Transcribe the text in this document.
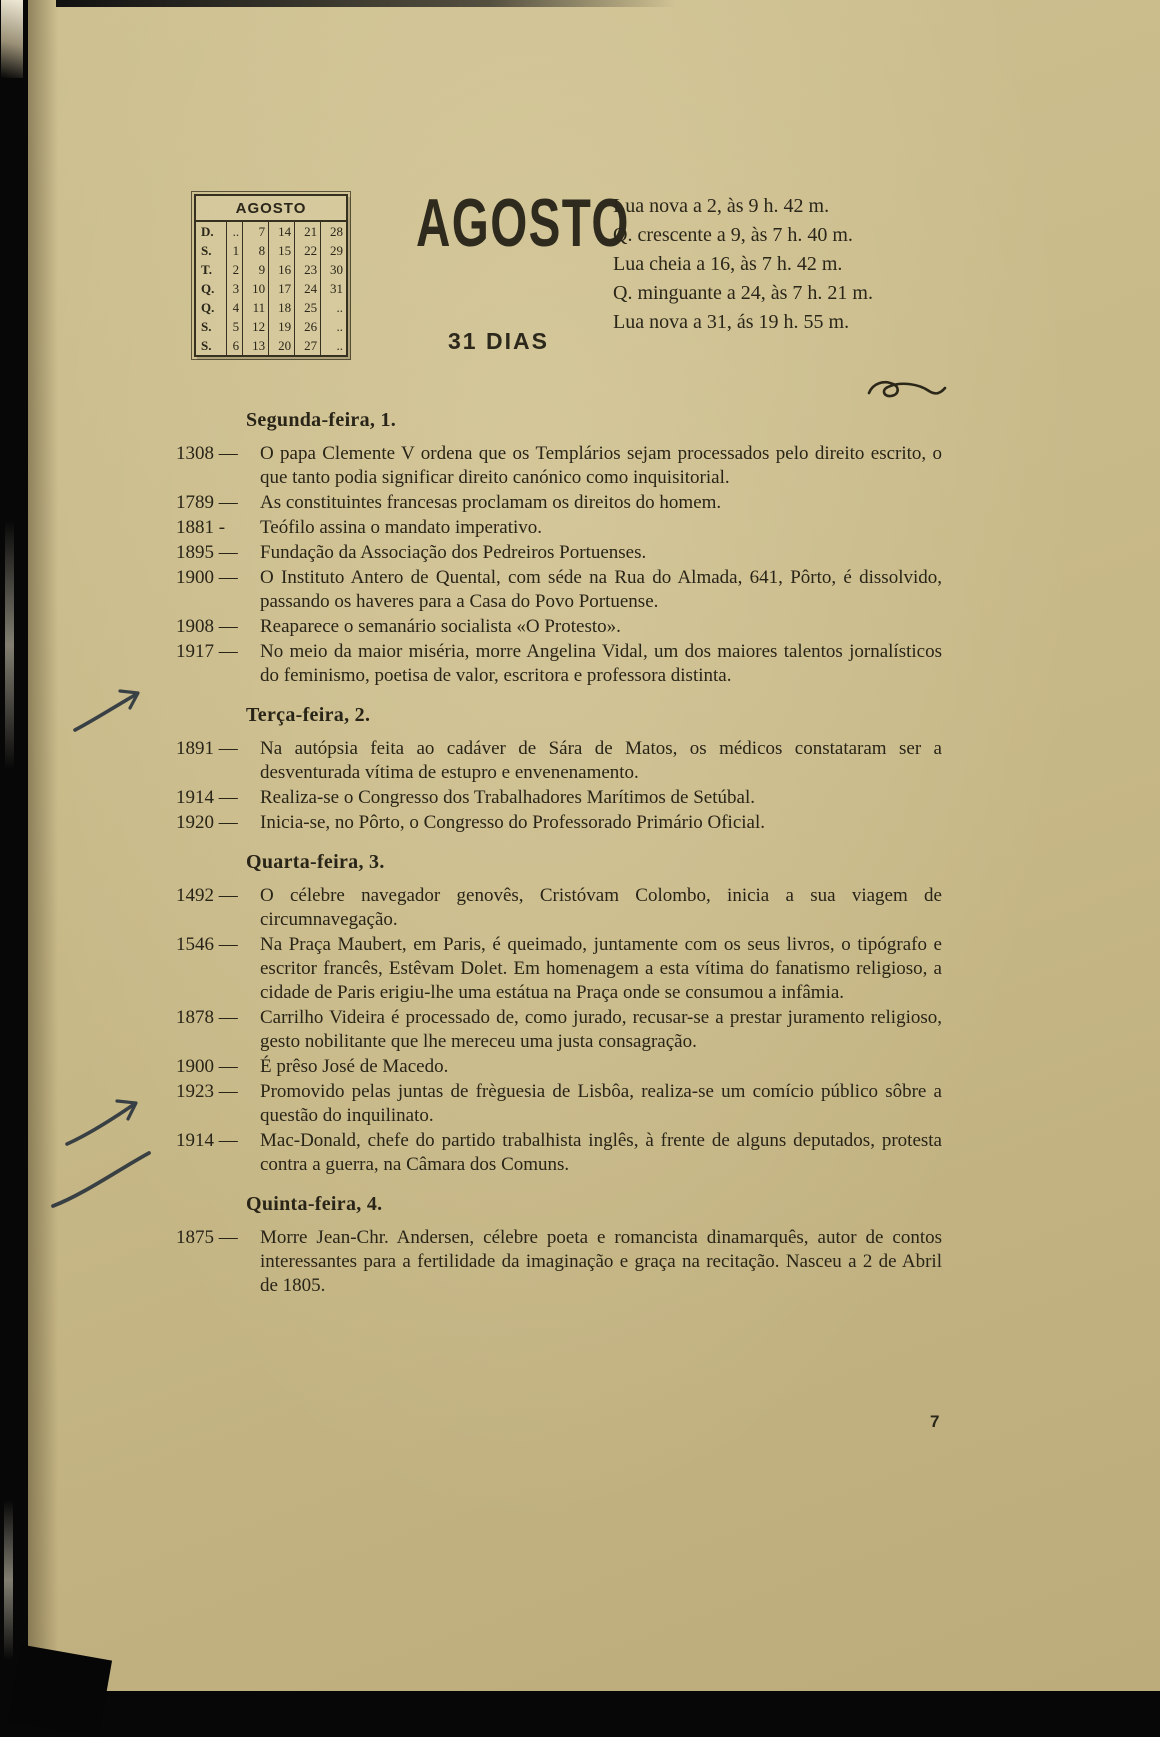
AGOSTO
D.	..	7	14	21	28
S.	1	8	15	22	29
T.	2	9	16	23	30
Q.	3	10	17	24	31
Q.	4	11	18	25	..
S.	5	12	19	26	..
S.	6	13	20	27	..
AGOSTO
31 DIAS
Lua nova a 2, às 9 h. 42 m.
Q. crescente a 9, às 7 h. 40 m.
Lua cheia a 16, às 7 h. 42 m.
Q. minguante a 24, às 7 h. 21 m.
Lua nova a 31, ás 19 h. 55 m.
Segunda-feira, 1.
1308 —	O papa Clemente V ordena que os Templários sejam processados pelo direito escrito, o que tanto podia significar direito canónico como inquisitorial.
1789 —	As constituintes francesas proclamam os direitos do homem.
1881 -	Teófilo assina o mandato imperativo.
1895 —	Fundação da Associação dos Pedreiros Portuenses.
1900 —	O Instituto Antero de Quental, com séde na Rua do Almada, 641, Pôrto, é dissolvido, passando os haveres para a Casa do Povo Portuense.
1908 —	Reaparece o semanário socialista «O Protesto».
1917 —	No meio da maior miséria, morre Angelina Vidal, um dos maiores talentos jornalísticos do feminismo, poetisa de valor, escritora e professora distinta.
Terça-feira, 2.
1891 —	Na autópsia feita ao cadáver de Sára de Matos, os médicos constataram ser a desventurada vítima de estupro e envenenamento.
1914 —	Realiza-se o Congresso dos Trabalhadores Marítimos de Setúbal.
1920 —	Inicia-se, no Pôrto, o Congresso do Professorado Primário Oficial.
Quarta-feira, 3.
1492 —	O célebre navegador genovês, Cristóvam Colombo, inicia a sua viagem de circumnavegação.
1546 —	Na Praça Maubert, em Paris, é queimado, juntamente com os seus livros, o tipógrafo e escritor francês, Estêvam Dolet. Em homenagem a esta vítima do fanatismo religioso, a cidade de Paris erigiu-lhe uma estátua na Praça onde se consumou a infâmia.
1878 —	Carrilho Videira é processado de, como jurado, recusar-se a prestar juramento religioso, gesto nobilitante que lhe mereceu uma justa consagração.
1900 —	É prêso José de Macedo.
1923 —	Promovido pelas juntas de frèguesia de Lisbôa, realiza-se um comício público sôbre a questão do inquilinato.
1914 —	Mac-Donald, chefe do partido trabalhista inglês, à frente de alguns deputados, protesta contra a guerra, na Câmara dos Comuns.
Quinta-feira, 4.
1875 —	Morre Jean-Chr. Andersen, célebre poeta e romancista dinamarquês, autor de contos interessantes para a fertilidade da imaginação e graça na recitação. Nasceu a 2 de Abril de 1805.
7
